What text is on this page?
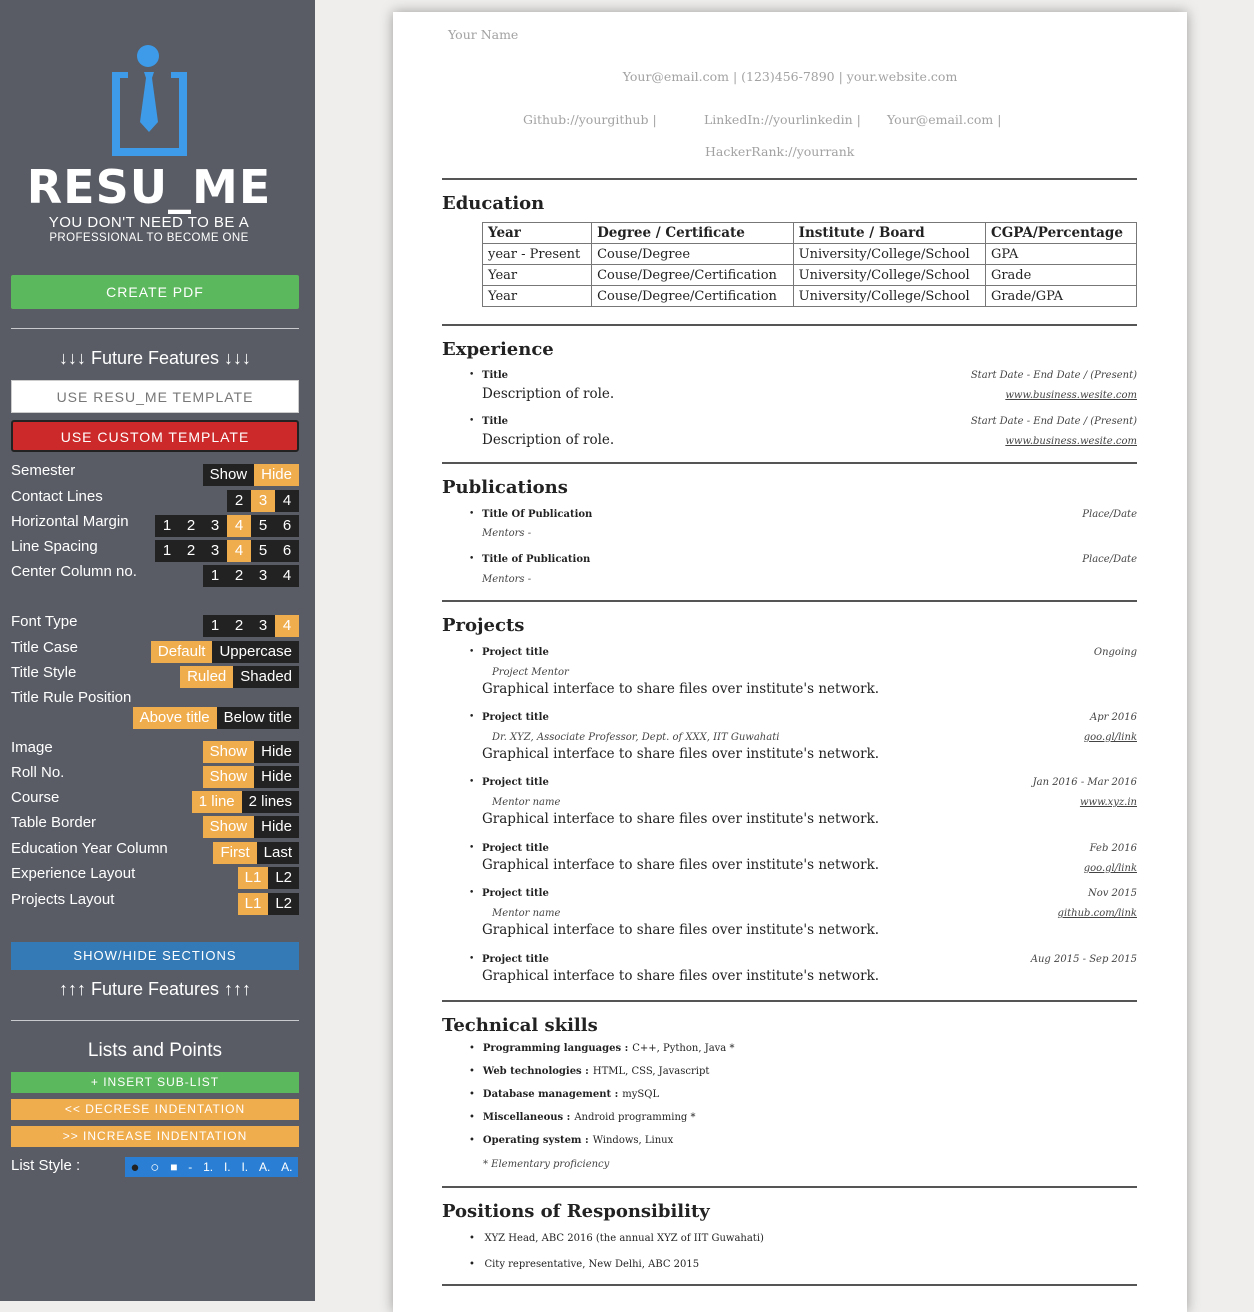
RESU_ME
YOU DON'T NEED TO BE A
PROFESSIONAL TO BECOME ONE
CREATE PDF
↓↓↓ Future Features ↓↓↓
USE RESU_ME TEMPLATE
USE CUSTOM TEMPLATE
Semester	Show Hide
Contact Lines	2	3	4
Horizontal Margin	1	2	3	4	5	6
Line Spacing	1	2	3	4	5	6
Center Column no.	1	2	3	4
Font Type	1	2	3	4
Title Case	Default Uppercase
Title Style	Ruled Shaded
Title Rule Position
Above title Below title
Image	Show Hide
Roll No.	Show Hide
Course	1 line 2 lines
Table Border	Show Hide
Education Year Column	First Last
Experience Layout	L1 L2
Projects Layout	L1 L2
SHOW/HIDE SECTIONS
↑↑↑ Future Features ↑↑↑
Lists and Points
+ INSERT SUB-LIST
<< DECRESE INDENTATION
>> INCREASE INDENTATION
List Style :	● ○ ■ - 1. I. I. A. A.
Your Name
Your@email.com | (123)456-7890 | your.website.com
Github://yourgithub |	LinkedIn://yourlinkedin | Your@email.com |
HackerRank://yourrank
Education
Year	Degree / Certificate	Institute / Board	CGPA/Percentage
year - Present	Couse/Degree	University/College/School	GPA
Year	Couse/Degree/Certification	University/College/School	Grade
Year	Couse/Degree/Certification	University/College/School	Grade/GPA
Experience
• Title	Start Date - End Date / (Present)
Description of role.	www.business.wesite.com
• Title	Start Date - End Date / (Present)
Description of role.	www.business.wesite.com
Publications
• Title Of Publication	Place/Date
Mentors -
• Title of Publication	Place/Date
Mentors -
Projects
• Project title	Ongoing
Project Mentor
Graphical interface to share files over institute's network.
• Project title	Apr 2016
Dr. XYZ, Associate Professor, Dept. of XXX, IIT Guwahati	goo.gl/link
Graphical interface to share files over institute's network.
• Project title	Jan 2016 - Mar 2016
Mentor name	www.xyz.in
Graphical interface to share files over institute's network.
• Project title	Feb 2016
goo.gl/link
Graphical interface to share files over institute's network.
• Project title	Nov 2015
Mentor name	github.com/link
Graphical interface to share files over institute's network.
• Project title	Aug 2015 - Sep 2015
Graphical interface to share files over institute's network.
Technical skills
• Programming languages : C++, Python, Java *
• Web technologies : HTML, CSS, Javascript
• Database management : mySQL
• Miscellaneous : Android programming *
• Operating system : Windows, Linux
* Elementary proficiency
Positions of Responsibility
• XYZ Head, ABC 2016 (the annual XYZ of IIT Guwahati)
• City representative, New Delhi, ABC 2015
